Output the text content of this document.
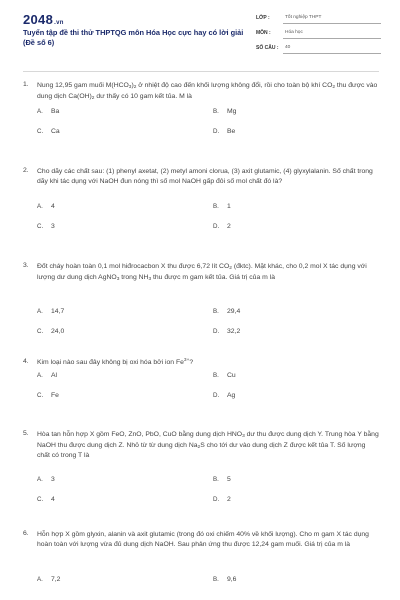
2048.vn
Tuyển tập đề thi thử THPTQG môn Hóa Học cực hay có lời giải (Đề số 6)
LỚP :	Tốt nghiệp THPT
MÔN :	Hóa học
SỐ CÂU :	40
1. Nung 12,95 gam muối $M(HCO_3)_2$ ở nhiệt độ cao đến khối lượng không đổi, rồi cho toàn bộ khí $CO_2$ thu được vào dung dịch $Ca(OH)_2$ dư thấy có 10 gam kết tủa. M là
A. Ba	B. Mg
C. Ca	D. Be
2. Cho dãy các chất sau: (1) phenyl axetat, (2) metyl amoni clorua, (3) axit glutamic, (4) glyxylalanin. Số chất trong dãy khi tác dụng với NaOH đun nóng thì số mol NaOH gấp đôi số mol chất đó là?
A. 4	B. 1
C. 3	D. 2
3. Đốt cháy hoàn toàn 0,1 mol hiđrocacbon X thu được 6,72 lít $CO_2$ (đktc). Mặt khác, cho 0,2 mol X tác dụng với lượng dư dung dịch AgNO$_3$ trong $NH_3$ thu được m gam kết tủa. Giá trị của m là
A. 14,7	B. 29,4
C. 24,0	D. 32,2
4. Kim loại nào sau đây không bị oxi hóa bởi ion $Fe^{3+}$?
A. Al	B. Cu
C. Fe	D. Ag
5. Hòa tan hỗn hợp X gồm FeO, ZnO, PbO, CuO bằng dung dịch $HNO_3$ dư thu được dung dịch Y. Trung hòa Y bằng NaOH thu được dung dịch Z. Nhỏ từ từ dung dịch $Na_2S$ cho tới dư vào dung dịch Z được kết tủa T. Số lượng chất có trong T là
A. 3	B. 5
C. 4	D. 2
6. Hỗn hợp X gồm glyxin, alanin và axit glutamic (trong đó oxi chiếm 40% về khối lượng). Cho m gam X tác dụng hoàn toàn với lượng vừa đủ dung dịch NaOH. Sau phản ứng thu được 12,24 gam muối. Giá trị của m là
A. 7,2	B. 9,6
